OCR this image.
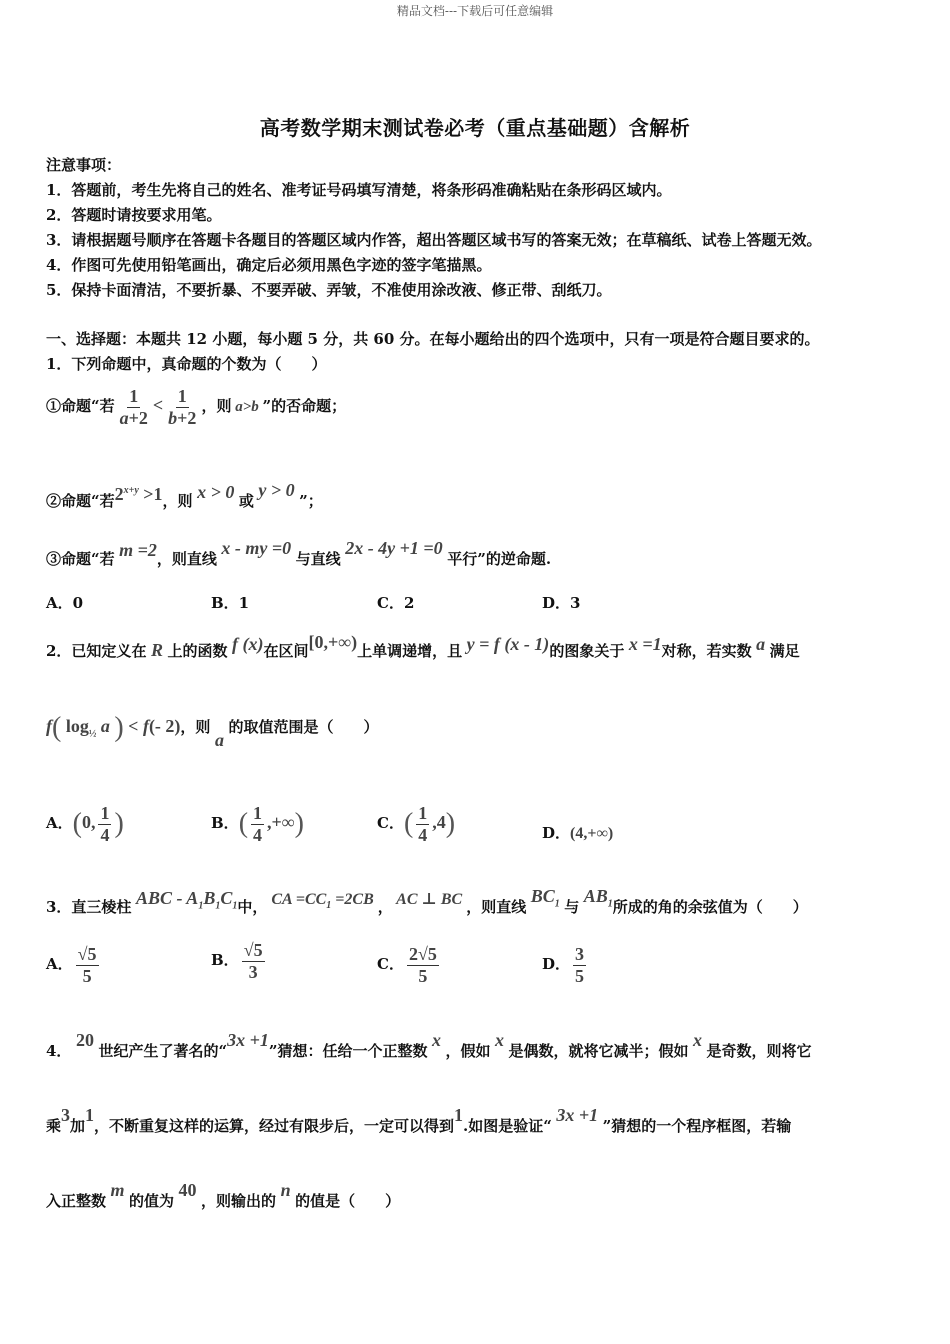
精品文档---下载后可任意编辑
高考数学期末测试卷必考（重点基础题）含解析
注意事项：
1．答题前，考生先将自己的姓名、准考证号码填写清楚，将条形码准确粘贴在条形码区域内。
2．答题时请按要求用笔。
3．请根据题号顺序在答题卡各题目的答题区域内作答，超出答题区域书写的答案无效；在草稿纸、试卷上答题无效。
4．作图可先使用铅笔画出，确定后必须用黑色字迹的签字笔描黑。
5．保持卡面清洁，不要折暴、不要弄破、弄皱，不准使用涂改液、修正带、刮纸刀。
一、选择题：本题共 12 小题，每小题 5 分，共 60 分。在每小题给出的四个选项中，只有一项是符合题目要求的。
1．下列命题中，真命题的个数为（　　）
①命题“若 $\frac{1}{a+2} < \frac{1}{b+2}$ ，则 a>b ”的否命题；
②命题“若$2^{x+y} >1$，则 x > 0 或 y > 0 ”；
③命题“若 m =2，则直线 x - my =0 与直线 2x - 4y +1 =0 平行”的逆命题.
A．0	B．1	C．2	D．3
2．已知定义在 R 上的函数 f (x)在区间[0,+∞)上单调递增，且 y = f (x - 1)的图象关于 x =1对称，若实数 a 满足
f( $\log_{\frac{1}{2}} a$ ) < f(- 2)，则 a 的取值范围是（　　）
A．(0, $\frac{1}{4}$ )	B．( $\frac{1}{4}$ ,+∞)	C．( $\frac{1}{4} ,4$)	D．(4,+∞)
3．直三棱柱 ABC - $A_1B_1C_1$中， CA $=CC_1 =2CB$ ， AC ⊥ BC ，则直线 $BC_1$ 与 $AB_1$所成的角的余弦值为（　　）
A． $\frac{√5}{5}$	B． $\frac{√5}{3}$	C． $\frac{2√5}{5}$	D． $\frac{3}{5}$
4． 20 世纪产生了著名的“3x +1”猜想：任给一个正整数 x ，假如 x 是偶数，就将它减半；假如 x 是奇数，则将它
乘3加1，不断重复这样的运算，经过有限步后，一定可以得到1.如图是验证“ 3x +1 ”猜想的一个程序框图，若输
入正整数 m 的值为 40 ，则输出的 n 的值是（　　）
